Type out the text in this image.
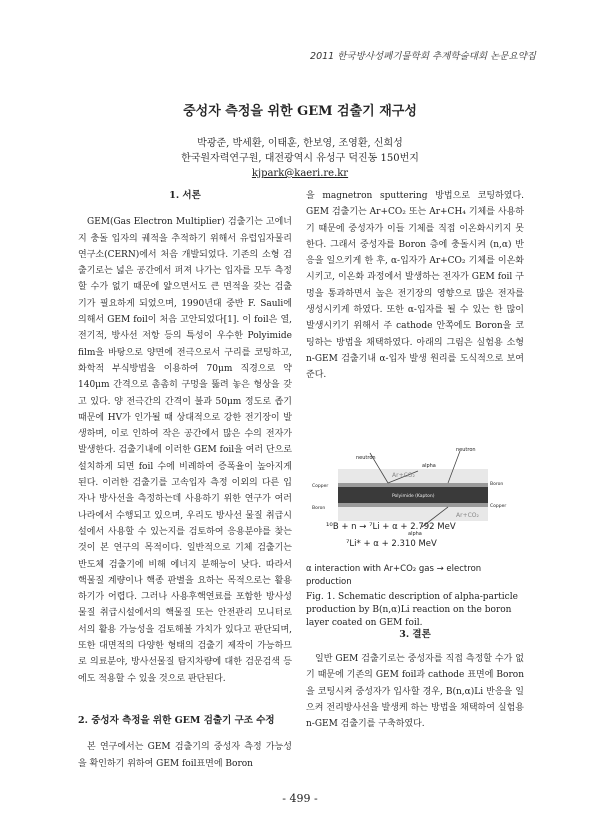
2011 한국방사성폐기물학회 추계학술대회 논문요약집
중성자 측정을 위한 GEM 검출기 재구성
박광준, 박세환, 이태훈, 한보영, 조영환, 신희성
한국원자력연구원, 대전광역시 유성구 덕진동 150번지
kjpark@kaeri.re.kr

1. 서론

GEM(Gas Electron Multiplier) 검출기는 고에너지 충돌 입자의 궤적을 추적하기 위해서 유럽입자물리연구소(CERN)에서 처음 개발되었다. 기존의 소형 검출기로는 넓은 공간에서 퍼져 나가는 입자를 모두 측정할 수가 없기 때문에 얇으면서도 큰 면적을 갖는 검출기가 필요하게 되었으며, 1990년대 중반 F. Sauli에 의해서 GEM foil이 처음 고안되었다[1]. 이 foil은 열, 전기적, 방사선 저항 등의 특성이 우수한 Polyimide film을 바탕으로 양면에 전극으로서 구리를 코팅하고, 화학적 부식방법을 이용하여 70μm 직경으로 약 140μm 간격으로 촘촘히 구멍을 뚫려 놓은 형상을 갖고 있다. 양 전극간의 간격이 불과 50μm 정도로 좁기 때문에 HV가 인가될 때 상대적으로 강한 전기장이 발생하며, 이로 인하여 작은 공간에서 많은 수의 전자가 발생한다. 검출기내에 이러한 GEM foil을 여러 단으로 설치하게 되면 foil 수에 비례하여 증폭율이 높아지게 된다. 이러한 검출기를 고속입자 측정 이외의 다른 입자나 방사선을 측정하는데 사용하기 위한 연구가 여러 나라에서 수행되고 있으며, 우리도 방사선 물질 취급시설에서 사용할 수 있는지를 검토하여 응용분야를 찾는 것이 본 연구의 목적이다. 일반적으로 기체 검출기는 반도체 검출기에 비해 에너지 분해능이 낮다. 따라서 핵물질 계량이나 핵종 판별을 요하는 목적으로는 활용하기가 어렵다. 그러나 사용후핵연료를 포함한 방사성 물질 취급시설에서의 핵물질 또는 안전관리 모니터로서의 활용 가능성을 검토해볼 가치가 있다고 판단되며, 또한 대면적의 다양한 형태의 검출기 제작이 가능하므로 의료분야, 방사선물질 탐지차량에 대한 검문검색 등에도 적용할 수 있을 것으로 판단된다.

2. 중성자 측정을 위한 GEM 검출기 구조 수정

본 연구에서는 GEM 검출기의 중성자 측정 가능성을 확인하기 위하여 GEM foil표면에 Boron

을 magnetron sputtering 방법으로 코팅하였다. GEM 검출기는 Ar+CO₂ 또는 Ar+CH₄ 기체를 사용하기 때문에 중성자가 이들 기체를 직접 이온화시키지 못한다. 그래서 중성자를 Boron 층에 충돌시켜 (n,α) 반응을 일으키게 한 후, α-입자가 Ar+CO₂ 기체를 이온화시키고, 이온화 과정에서 발생하는 전자가 GEM foil 구멍을 통과하면서 높은 전기장의 영향으로 많은 전자를 생성시키게 하였다. 또한 α-입자를 될 수 있는 한 많이 발생시키기 위해서 주 cathode 안쪽에도 Boron을 코팅하는 방법을 채택하였다. 아래의 그림은 실험용 소형 n-GEM 검출기내 α-입자 발생 원리를 도식적으로 보여준다.

neutron
neutron
alpha
Ar+CO₂
Copper	Boron
Polyimide (Kapton)
Copper
Boron
Ar+CO₂
alpha
¹⁰B + n → ⁷Li + α + 2.792 MeV
⁷Li* + α + 2.310 MeV
α interaction with Ar+CO₂ gas → electron production
Fig. 1. Schematic description of alpha-particle production by B(n,α)Li reaction on the boron layer coated on GEM foil.
3. 결론
일반 GEM 검출기로는 중성자를 직접 측정할 수가 없기 때문에 기존의 GEM foil과 cathode 표면에 Boron을 코팅시켜 중성자가 입사할 경우, B(n,α)Li 반응을 일으켜 전리방사선을 발생케 하는 방법을 채택하여 실험용 n-GEM 검출기를 구축하였다.
- 499 -
